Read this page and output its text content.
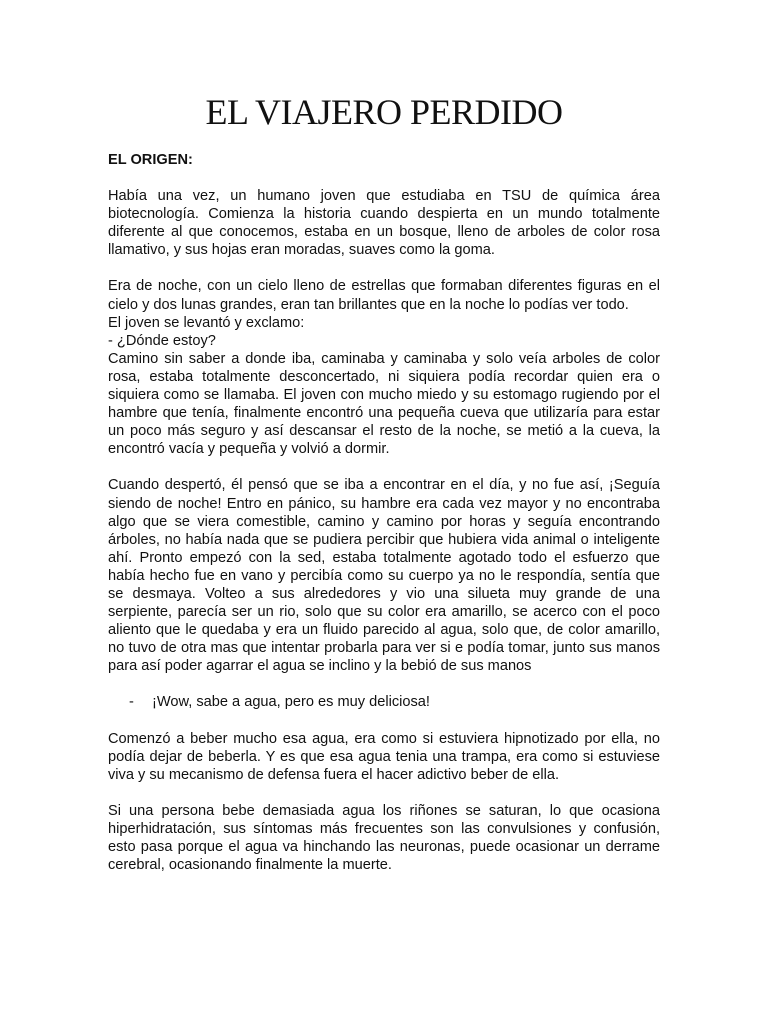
EL VIAJERO PERDIDO

EL ORIGEN:

Había una vez, un humano joven que estudiaba en TSU de química área biotecnología. Comienza la historia cuando despierta en un mundo totalmente diferente al que conocemos, estaba en un bosque, lleno de arboles de color rosa llamativo, y sus hojas eran moradas, suaves como la goma.

Era de noche, con un cielo lleno de estrellas que formaban diferentes figuras en el cielo y dos lunas grandes, eran tan brillantes que en la noche lo podías ver todo.

El joven se levantó y exclamo:

- ¿Dónde estoy?

Camino sin saber a donde iba, caminaba y caminaba y solo veía arboles de color rosa, estaba totalmente desconcertado, ni siquiera podía recordar quien era o siquiera como se llamaba. El joven con mucho miedo y su estomago rugiendo por el hambre que tenía, finalmente encontró una pequeña cueva que utilizaría para estar un poco más seguro y así descansar el resto de la noche, se metió a la cueva, la encontró vacía y pequeña y volvió a dormir.

Cuando despertó, él pensó que se iba a encontrar en el día, y no fue así, ¡Seguía siendo de noche! Entro en pánico, su hambre era cada vez mayor y no encontraba algo que se viera comestible, camino y camino por horas y seguía encontrando árboles, no había nada que se pudiera percibir que hubiera vida animal o inteligente ahí. Pronto empezó con la sed, estaba totalmente agotado todo el esfuerzo que había hecho fue en vano y percibía como su cuerpo ya no le respondía, sentía que se desmaya. Volteo a sus alrededores y vio una silueta muy grande de una serpiente, parecía ser un rio, solo que su color era amarillo, se acerco con el poco aliento que le quedaba y era un fluido parecido al agua, solo que, de color amarillo, no tuvo de otra mas que intentar probarla para ver si e podía tomar, junto sus manos para así poder agarrar el agua se inclino y la bebió de sus manos

- ¡Wow, sabe a agua, pero es muy deliciosa!

Comenzó a beber mucho esa agua, era como si estuviera hipnotizado por ella, no podía dejar de beberla. Y es que esa agua tenia una trampa, era como si estuviese viva y su mecanismo de defensa fuera el hacer adictivo beber de ella.

Si una persona bebe demasiada agua los riñones se saturan, lo que ocasiona hiperhidratación, sus síntomas más frecuentes son las convulsiones y confusión, esto pasa porque el agua va hinchando las neuronas, puede ocasionar un derrame cerebral, ocasionando finalmente la muerte.
